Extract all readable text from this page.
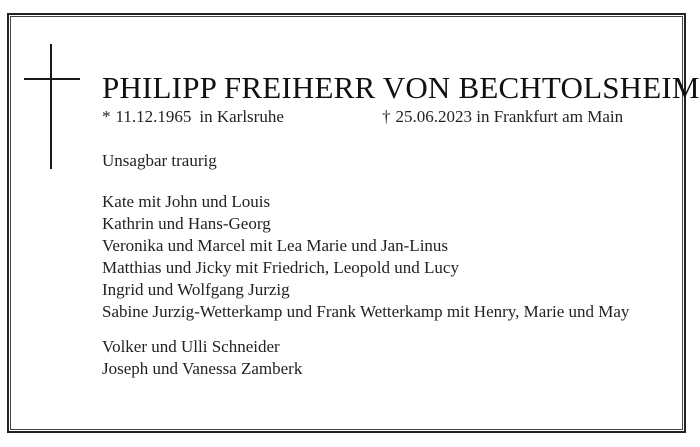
PHILIPP FREIHERR VON BECHTOLSHEIM
* 11.12.1965 in Karlsruhe	† 25.06.2023 in Frankfurt am Main
Unsagbar traurig
Kate mit John und Louis
Kathrin und Hans-Georg
Veronika und Marcel mit Lea Marie und Jan-Linus
Matthias und Jicky mit Friedrich, Leopold und Lucy
Ingrid und Wolfgang Jurzig
Sabine Jurzig-Wetterkamp und Frank Wetterkamp mit Henry, Marie und May
Volker und Ulli Schneider
Joseph und Vanessa Zamberk
